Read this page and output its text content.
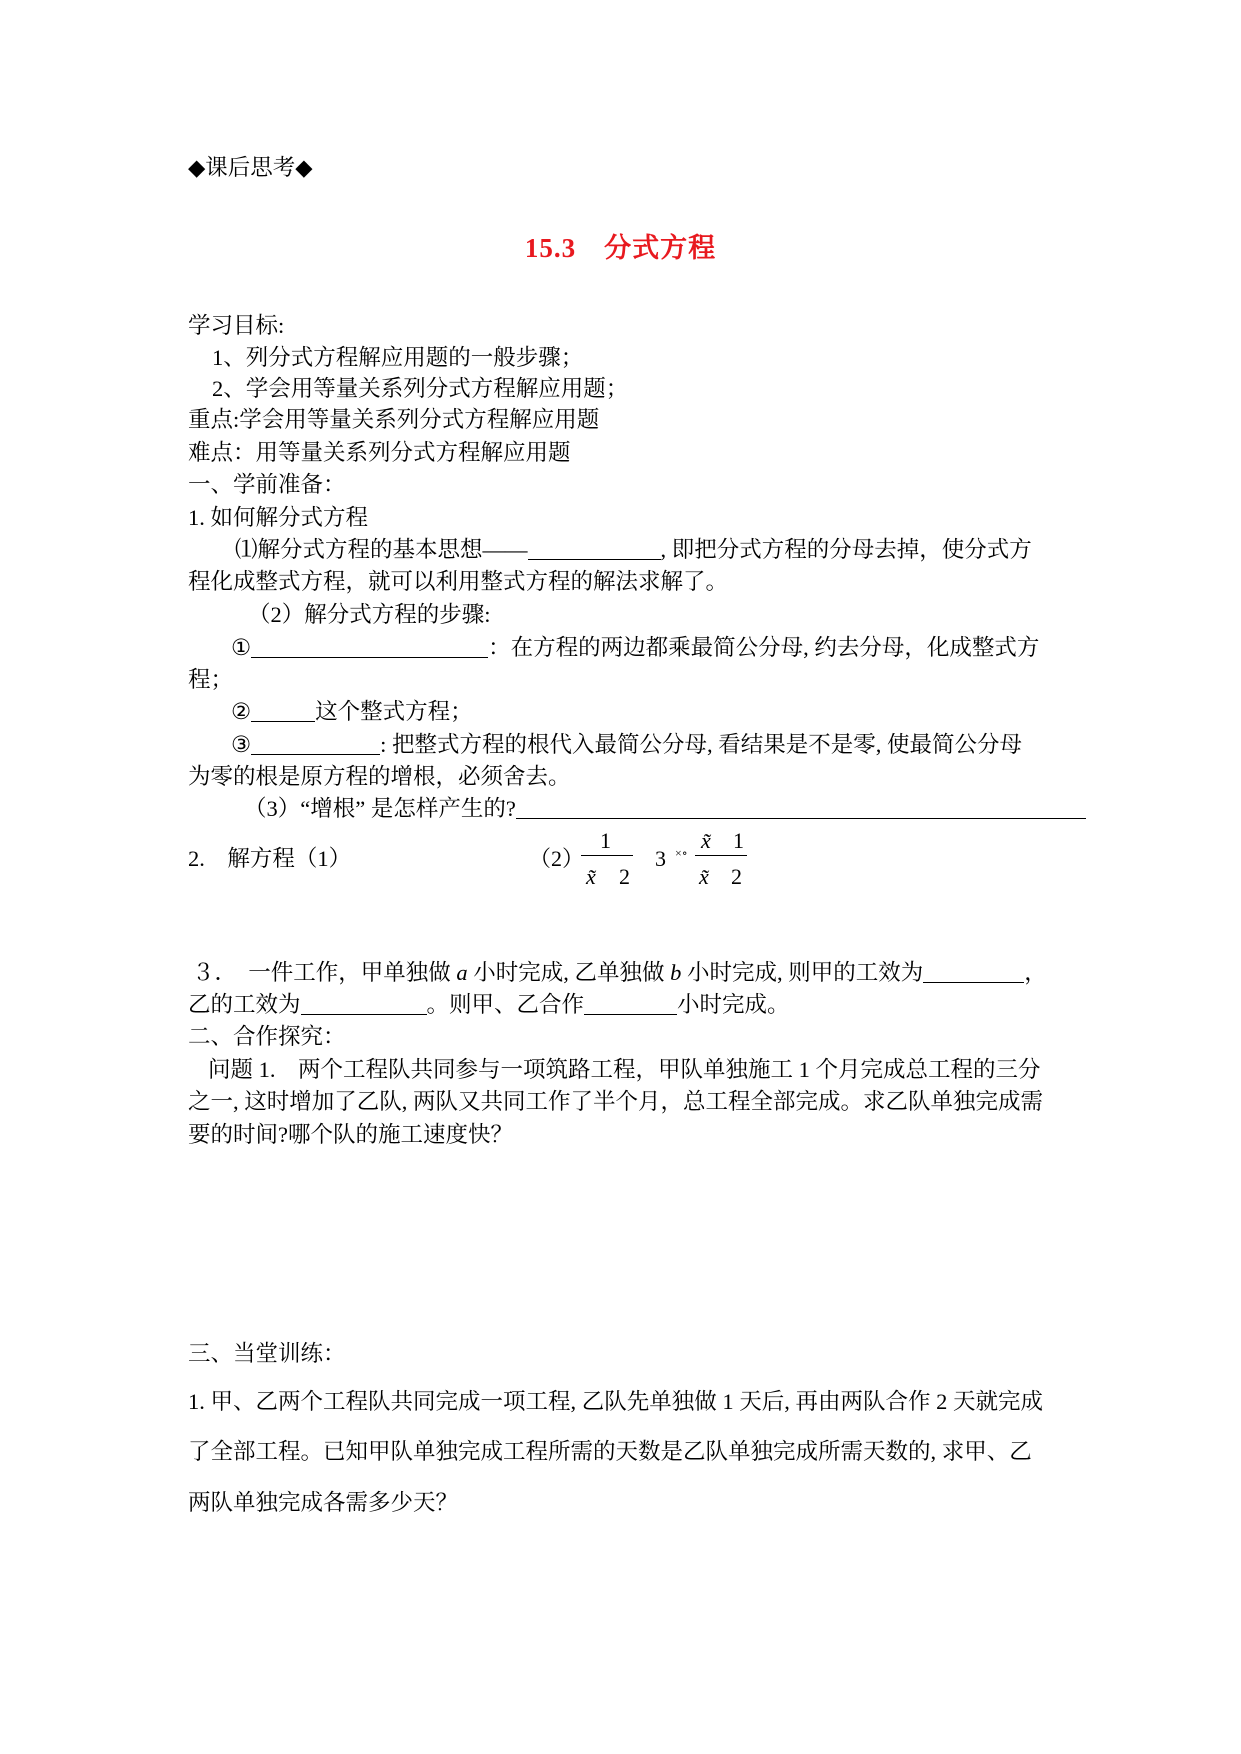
◆课后思考◆
15.3　分式方程
学习目标:
1、列分式方程解应用题的一般步骤；
2、学会用等量关系列分式方程解应用题；
重点:学会用等量关系列分式方程解应用题
难点：用等量关系列分式方程解应用题
一、学前准备：
1. 如何解分式方程
⑴解分式方程的基本思想——	, 即把分式方程的分母去掉，使分式方
程化成整式方程，就可以利用整式方程的解法求解了。
（2）解分式方程的步骤:
①	：在方程的两边都乘最简公分母, 约去分母，化成整式方
程；
②	这个整式方程；
③	: 把整式方程的根代入最简公分母, 看结果是不是零, 使最简公分母
为零的根是原方程的增根，必须舍去。
（3）“增根” 是怎样产生的?
2.　解方程（1）	（2）
1
x̃ 2
3 ×∘ x̃ 1
x̃ 2
３．　一件工作，甲单独做 a 小时完成, 乙单独做 b 小时完成, 则甲的工效为	，
乙的工效为	。则甲、乙合作	小时完成。
二、合作探究：
问题 1.　两个工程队共同参与一项筑路工程，甲队单独施工 1 个月完成总工程的三分
之一, 这时增加了乙队, 两队又共同工作了半个月，总工程全部完成。求乙队单独完成需
要的时间?哪个队的施工速度快？
三、当堂训练：
1. 甲、乙两个工程队共同完成一项工程, 乙队先单独做 1 天后, 再由两队合作 2 天就完成
了全部工程。已知甲队单独完成工程所需的天数是乙队单独完成所需天数的, 求甲、乙
两队单独完成各需多少天？
